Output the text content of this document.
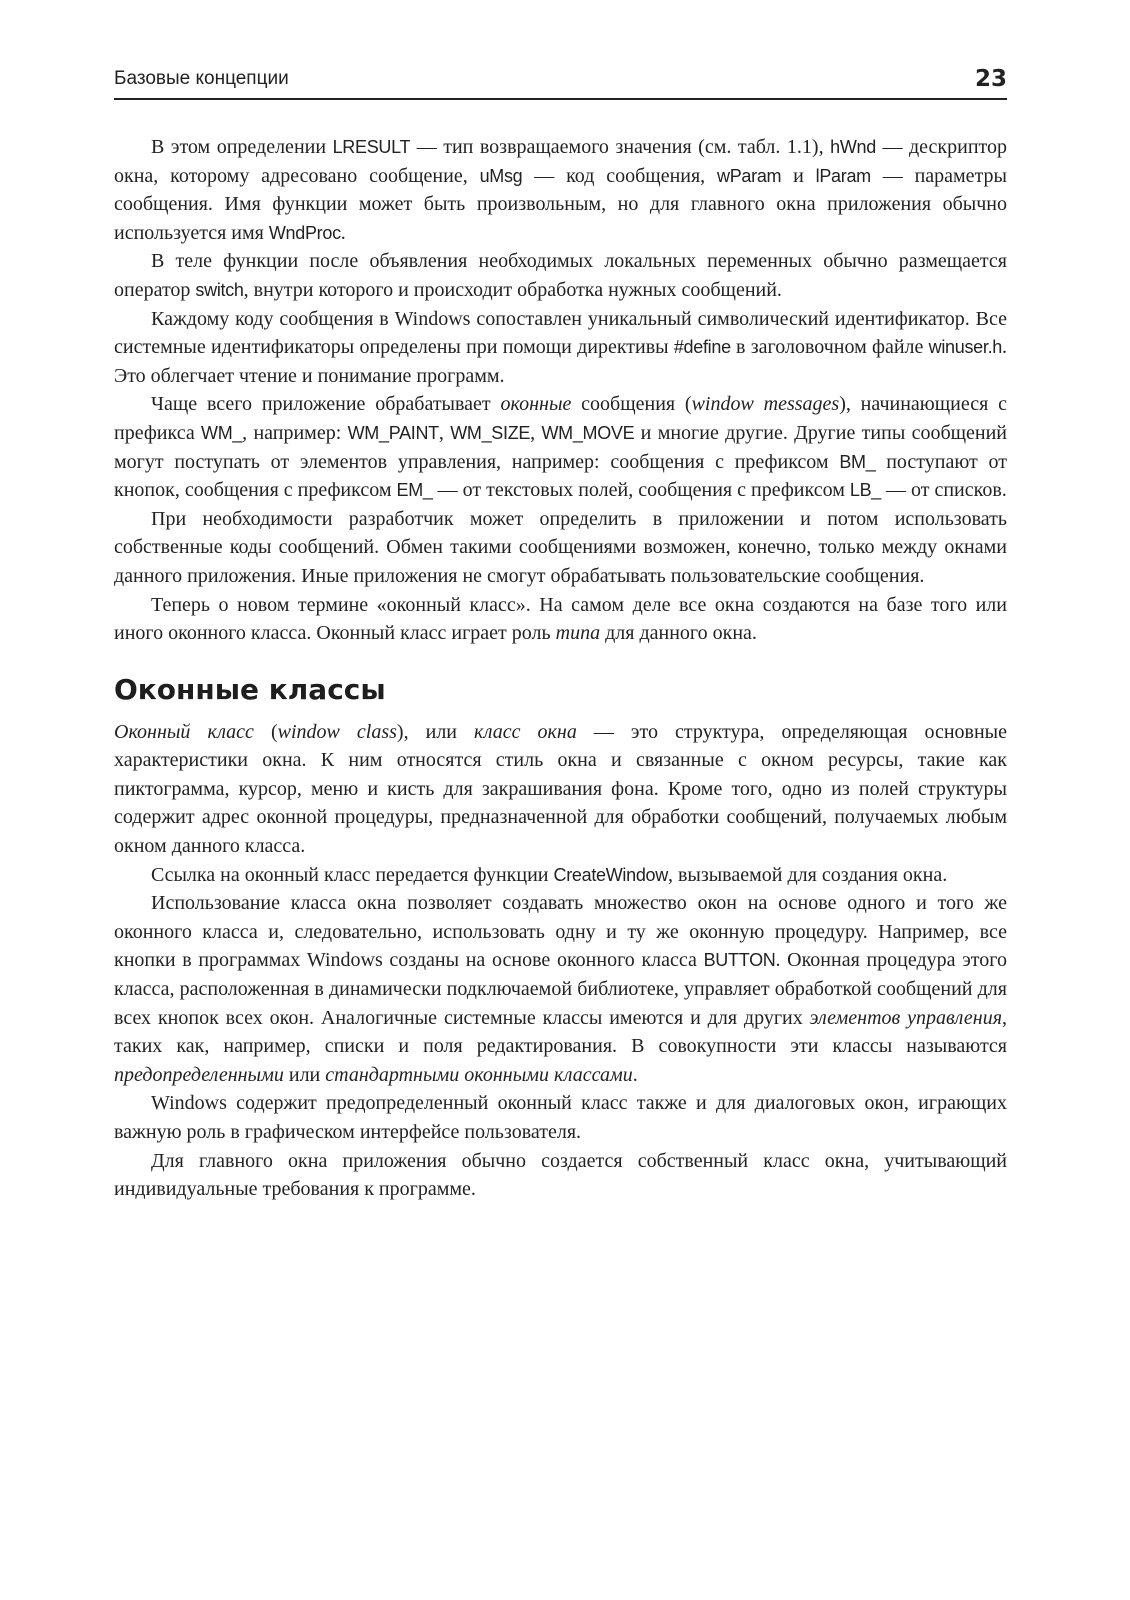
Базовые концепции	23

В этом определении LRESULT — тип возвращаемого значения (см. табл. 1.1), hWnd — дескриптор окна, которому адресовано сообщение, uMsg — код сообщения, wParam и lParam — параметры сообщения. Имя функции может быть произвольным, но для главного окна приложения обычно используется имя WndProc.

В теле функции после объявления необходимых локальных переменных обычно размещается оператор switch, внутри которого и происходит обработка нужных сообщений.

Каждому коду сообщения в Windows сопоставлен уникальный символический идентификатор. Все системные идентификаторы определены при помощи директивы #define в заголовочном файле winuser.h. Это облегчает чтение и понимание программ.

Чаще всего приложение обрабатывает оконные сообщения (window messages), начинающиеся с префикса WM_, например: WM_PAINT, WM_SIZE, WM_MOVE и многие другие. Другие типы сообщений могут поступать от элементов управления, например: сообщения с префиксом BM_ поступают от кнопок, сообщения с префиксом EM_ — от текстовых полей, сообщения с префиксом LB_ — от списков.

При необходимости разработчик может определить в приложении и потом использовать собственные коды сообщений. Обмен такими сообщениями возможен, конечно, только между окнами данного приложения. Иные приложения не смогут обрабатывать пользовательские сообщения.

Теперь о новом термине «оконный класс». На самом деле все окна создаются на базе того или иного оконного класса. Оконный класс играет роль типа для данного окна.

Оконные классы

Оконный класс (window class), или класс окна — это структура, определяющая основные характеристики окна. К ним относятся стиль окна и связанные с окном ресурсы, такие как пиктограмма, курсор, меню и кисть для закрашивания фона. Кроме того, одно из полей структуры содержит адрес оконной процедуры, предназначенной для обработки сообщений, получаемых любым окном данного класса.

Ссылка на оконный класс передается функции CreateWindow, вызываемой для создания окна.

Использование класса окна позволяет создавать множество окон на основе одного и того же оконного класса и, следовательно, использовать одну и ту же оконную процедуру. Например, все кнопки в программах Windows созданы на основе оконного класса BUTTON. Оконная процедура этого класса, расположенная в динамически подключаемой библиотеке, управляет обработкой сообщений для всех кнопок всех окон. Аналогичные системные классы имеются и для других элементов управления, таких как, например, списки и поля редактирования. В совокупности эти классы называются предопределенными или стандартными оконными классами.

Windows содержит предопределенный оконный класс также и для диалоговых окон, играющих важную роль в графическом интерфейсе пользователя.

Для главного окна приложения обычно создается собственный класс окна, учитывающий индивидуальные требования к программе.
